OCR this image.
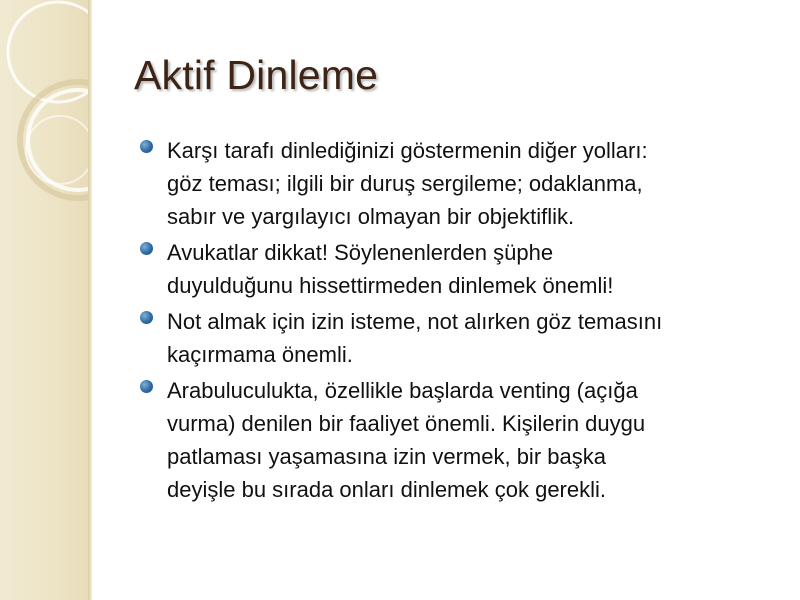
Aktif Dinleme
Karşı tarafı dinlediğinizi göstermenin diğer yolları:
göz teması; ilgili bir duruş sergileme; odaklanma,
sabır ve yargılayıcı olmayan bir objektiflik.
Avukatlar dikkat! Söylenenlerden şüphe
duyulduğunu hissettirmeden dinlemek önemli!
Not almak için izin isteme, not alırken göz temasını
kaçırmama önemli.
Arabuluculukta, özellikle başlarda venting (açığa
vurma) denilen bir faaliyet önemli. Kişilerin duygu
patlaması yaşamasına izin vermek, bir başka
deyişle bu sırada onları dinlemek çok gerekli.
